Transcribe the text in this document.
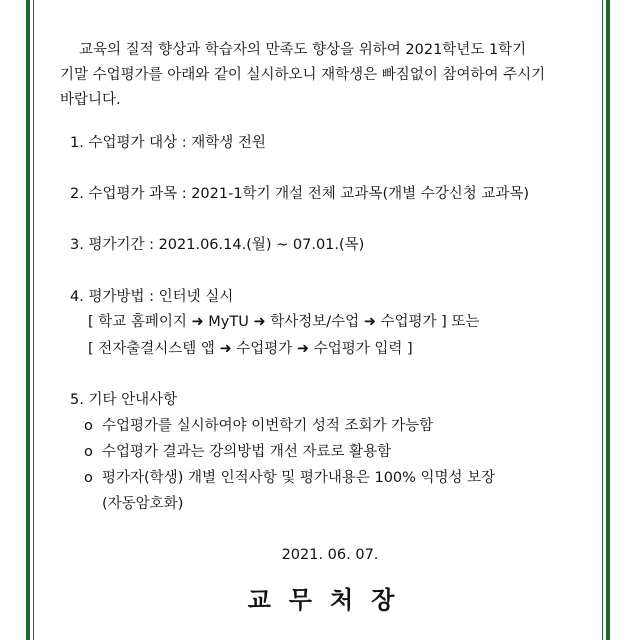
교육의 질적 향상과 학습자의 만족도 향상을 위하여 2021학년도 1학기

기말 수업평가를 아래와 같이 실시하오니 재학생은 빠짐없이 참여하여 주시기

바랍니다.

1. 수업평가 대상 : 재학생 전원
2. 수업평가 과목 : 2021-1학기 개설 전체 교과목(개별 수강신청 교과목)
3. 평가기간 : 2021.06.14.(월) ~ 07.01.(목)
4. 평가방법 : 인터넷 실시
[ 학교 홈페이지 ➜ MyTU ➜ 학사정보/수업 ➜ 수업평가 ] 또는
[ 전자출결시스템 앱 ➜ 수업평가 ➜ 수업평가 입력 ]
5. 기타 안내사항
o 수업평가를 실시하여야 이번학기 성적 조회가 가능함
o 수업평가 결과는 강의방법 개선 자료로 활용함
o 평가자(학생) 개별 인적사항 및 평가내용은 100% 익명성 보장
(자동암호화)
2021. 06. 07.
교무처장
